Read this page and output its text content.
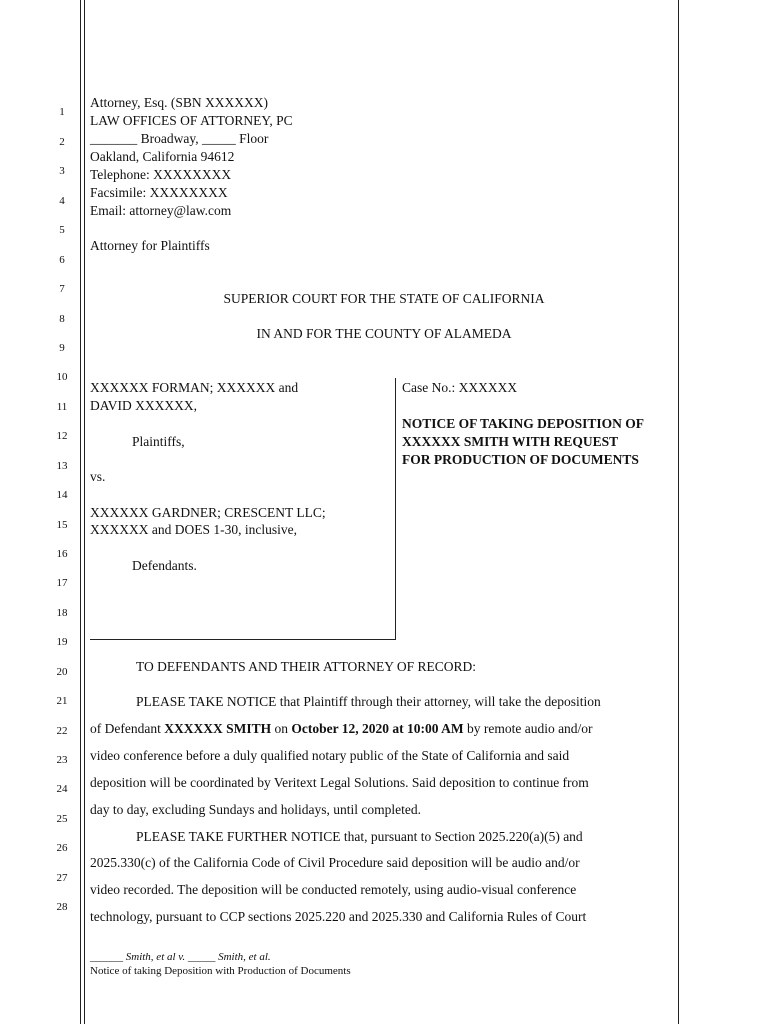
1
2
3
4
5
6
7
8
9
10
11
12
13
14
15
16
17
18
19
20
21
22
23
24
25
26
27
28
Attorney, Esq. (SBN XXXXXX)
LAW OFFICES OF ATTORNEY, PC
_______ Broadway, _____ Floor
Oakland, California 94612
Telephone: XXXXXXXX
Facsimile: XXXXXXXX
Email: attorney@law.com
Attorney for Plaintiffs
SUPERIOR COURT FOR THE STATE OF CALIFORNIA
IN AND FOR THE COUNTY OF ALAMEDA
XXXXXX FORMAN; XXXXXX and
DAVID XXXXXX,
Plaintiffs,
vs.
XXXXXX GARDNER; CRESCENT LLC;
XXXXXX and DOES 1-30, inclusive,
Defendants.
Case No.: XXXXXX
NOTICE OF TAKING DEPOSITION OF
XXXXXX SMITH WITH REQUEST
FOR PRODUCTION OF DOCUMENTS
TO DEFENDANTS AND THEIR ATTORNEY OF RECORD:
PLEASE TAKE NOTICE that Plaintiff through their attorney, will take the deposition
of Defendant XXXXXX SMITH on October 12, 2020 at 10:00 AM by remote audio and/or
video conference before a duly qualified notary public of the State of California and said
deposition will be coordinated by Veritext Legal Solutions. Said deposition to continue from
day to day, excluding Sundays and holidays, until completed.
PLEASE TAKE FURTHER NOTICE that, pursuant to Section 2025.220(a)(5) and
2025.330(c) of the California Code of Civil Procedure said deposition will be audio and/or
video recorded. The deposition will be conducted remotely, using audio-visual conference
technology, pursuant to CCP sections 2025.220 and 2025.330 and California Rules of Court
______ Smith, et al v. _____ Smith, et al.
Notice of taking Deposition with Production of Documents
